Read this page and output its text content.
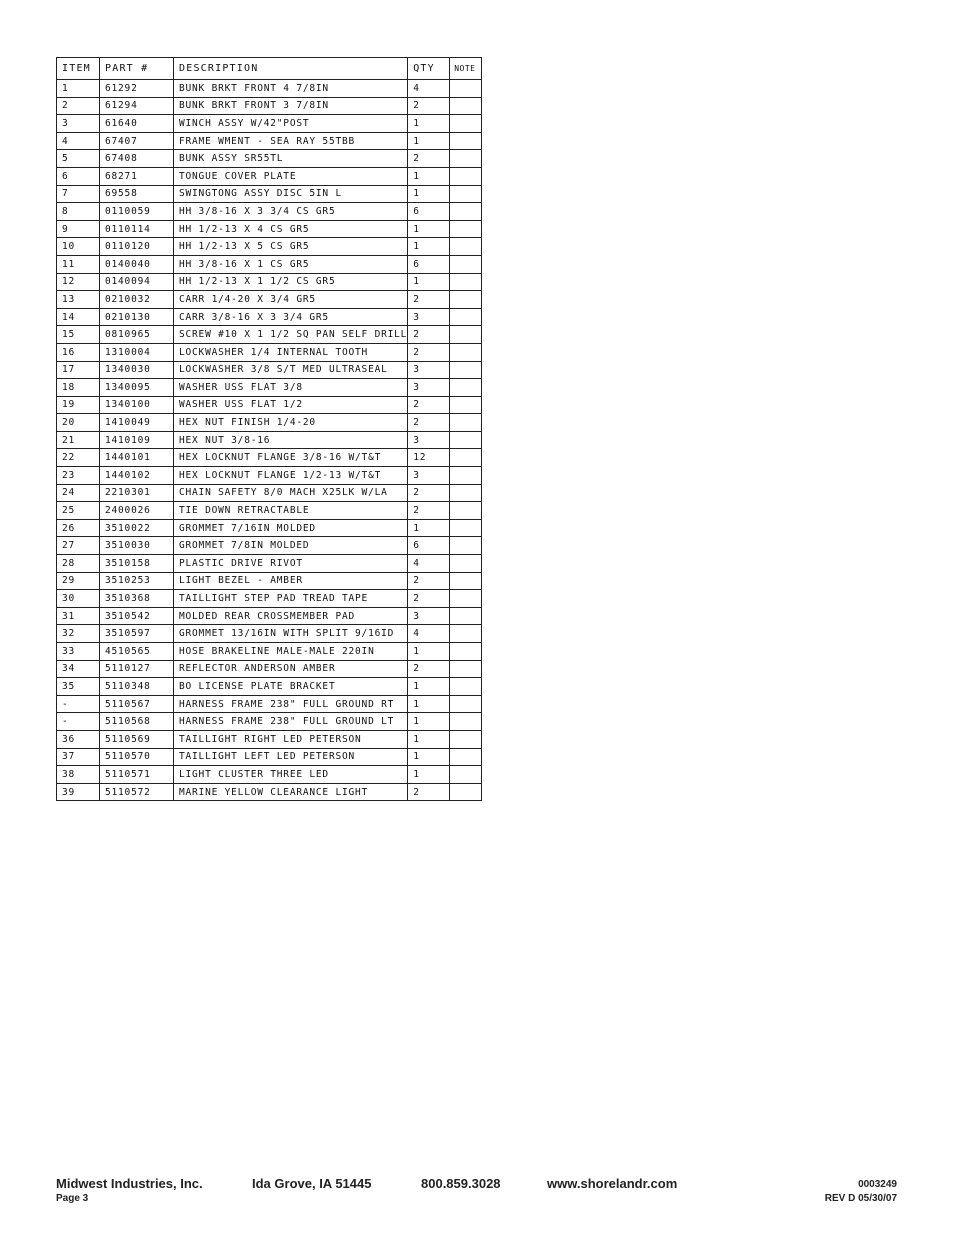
ITEM	PART #	DESCRIPTION	QTY	NOTE
1	61292	BUNK BRKT FRONT 4 7/8IN	4	
2	61294	BUNK BRKT FRONT 3 7/8IN	2	
3	61640	WINCH ASSY W/42"POST	1	
4	67407	FRAME WMENT - SEA RAY 55TBB	1	
5	67408	BUNK ASSY SR55TL	2	
6	68271	TONGUE COVER PLATE	1	
7	69558	SWINGTONG ASSY DISC 5IN L	1	
8	0110059	HH 3/8-16 X 3 3/4 CS GR5	6	
9	0110114	HH 1/2-13 X 4 CS GR5	1	
10	0110120	HH 1/2-13 X 5 CS GR5	1	
11	0140040	HH 3/8-16 X 1 CS GR5	6	
12	0140094	HH 1/2-13 X 1 1/2 CS GR5	1	
13	0210032	CARR 1/4-20 X 3/4 GR5	2	
14	0210130	CARR 3/8-16 X 3 3/4 GR5	3	
15	0810965	SCREW #10 X 1 1/2 SQ PAN SELF DRILL	2	
16	1310004	LOCKWASHER 1/4 INTERNAL TOOTH	2	
17	1340030	LOCKWASHER 3/8 S/T MED ULTRASEAL	3	
18	1340095	WASHER USS FLAT 3/8	3	
19	1340100	WASHER USS FLAT 1/2	2	
20	1410049	HEX NUT FINISH 1/4-20	2	
21	1410109	HEX NUT 3/8-16	3	
22	1440101	HEX LOCKNUT FLANGE 3/8-16 W/T&T	12	
23	1440102	HEX LOCKNUT FLANGE 1/2-13 W/T&T	3	
24	2210301	CHAIN SAFETY 8/0 MACH X25LK W/LA	2	
25	2400026	TIE DOWN RETRACTABLE	2	
26	3510022	GROMMET 7/16IN MOLDED	1	
27	3510030	GROMMET 7/8IN MOLDED	6	
28	3510158	PLASTIC DRIVE RIVOT	4	
29	3510253	LIGHT BEZEL - AMBER	2	
30	3510368	TAILLIGHT STEP PAD TREAD TAPE	2	
31	3510542	MOLDED REAR CROSSMEMBER PAD	3	
32	3510597	GROMMET 13/16IN WITH SPLIT 9/16ID	4	
33	4510565	HOSE BRAKELINE MALE-MALE 220IN	1	
34	5110127	REFLECTOR ANDERSON AMBER	2	
35	5110348	BO LICENSE PLATE BRACKET	1	
-	5110567	HARNESS FRAME 238" FULL GROUND RT	1	
-	5110568	HARNESS FRAME 238" FULL GROUND LT	1	
36	5110569	TAILLIGHT RIGHT LED PETERSON	1	
37	5110570	TAILLIGHT LEFT LED PETERSON	1	
38	5110571	LIGHT CLUSTER THREE LED	1	
39	5110572	MARINE YELLOW CLEARANCE LIGHT	2	
Midwest Industries, Inc.	Ida Grove, IA 51445	800.859.3028	www.shorelandr.com
Page 3
0003249
REV D 05/30/07
